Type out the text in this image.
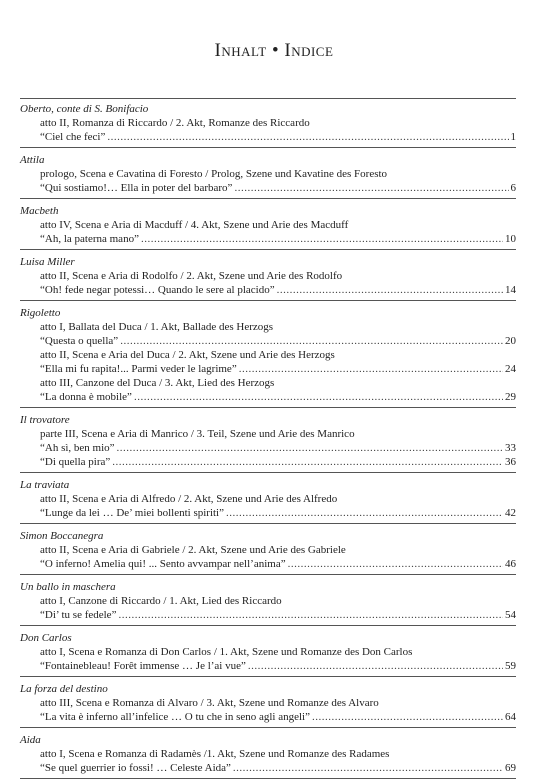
Inhalt • Indice
Oberto, conte di S. Bonifacio
atto II, Romanza di Riccardo / 2. Akt, Romanze des Riccardo
“Ciel che feci” .....	1
Attila
prologo, Scena e Cavatina di Foresto / Prolog, Szene und Kavatine des Foresto
“Qui sostiamo!… Ella in poter del barbaro” .....	6
Macbeth
atto IV, Scena e Aria di Macduff / 4. Akt, Szene und Arie des Macduff
“Ah, la paterna mano” .....	10
Luisa Miller
atto II, Scena e Aria di Rodolfo / 2. Akt, Szene und Arie des Rodolfo
“Oh! fede negar potessi… Quando le sere al placido” .....	14
Rigoletto
atto I, Ballata del Duca / 1. Akt, Ballade des Herzogs
“Questa o quella” .....	20
atto II, Scena e Aria del Duca / 2. Akt, Szene und Arie des Herzogs
“Ella mi fu rapita!... Parmi veder le lagrime” .....	24
atto III, Canzone del Duca / 3. Akt, Lied des Herzogs
“La donna è mobile” .....	29
Il trovatore
parte III, Scena e Aria di Manrico / 3. Teil, Szene und Arie des Manrico
“Ah sì, ben mio” .....	33
“Di quella pira” .....	36
La traviata
atto II, Scena e Aria di Alfredo / 2. Akt, Szene und Arie des Alfredo
“Lunge da lei … De’ miei bollenti spiriti” .....	42
Simon Boccanegra
atto II, Scena e Aria di Gabriele / 2. Akt, Szene und Arie des Gabriele
“O inferno! Amelia qui! ... Sento avvampar nell’anima” .....	46
Un ballo in maschera
atto I, Canzone di Riccardo / 1. Akt, Lied des Riccardo
“Di’ tu se fedele” .....	54
Don Carlos
atto I, Scena e Romanza di Don Carlos / 1. Akt, Szene und Romanze des Don Carlos
“Fontainebleau! Forêt immense … Je l’ai vue” .....	59
La forza del destino
atto III, Scena e Romanza di Alvaro / 3. Akt, Szene und Romanze des Alvaro
“La vita è inferno all’infelice … O tu che in seno agli angeli” .....	64
Aida
atto I, Scena e Romanza di Radamès /1. Akt, Szene und Romanze des Radames
“Se quel guerrier io fossi! … Celeste Aida” .....	69
